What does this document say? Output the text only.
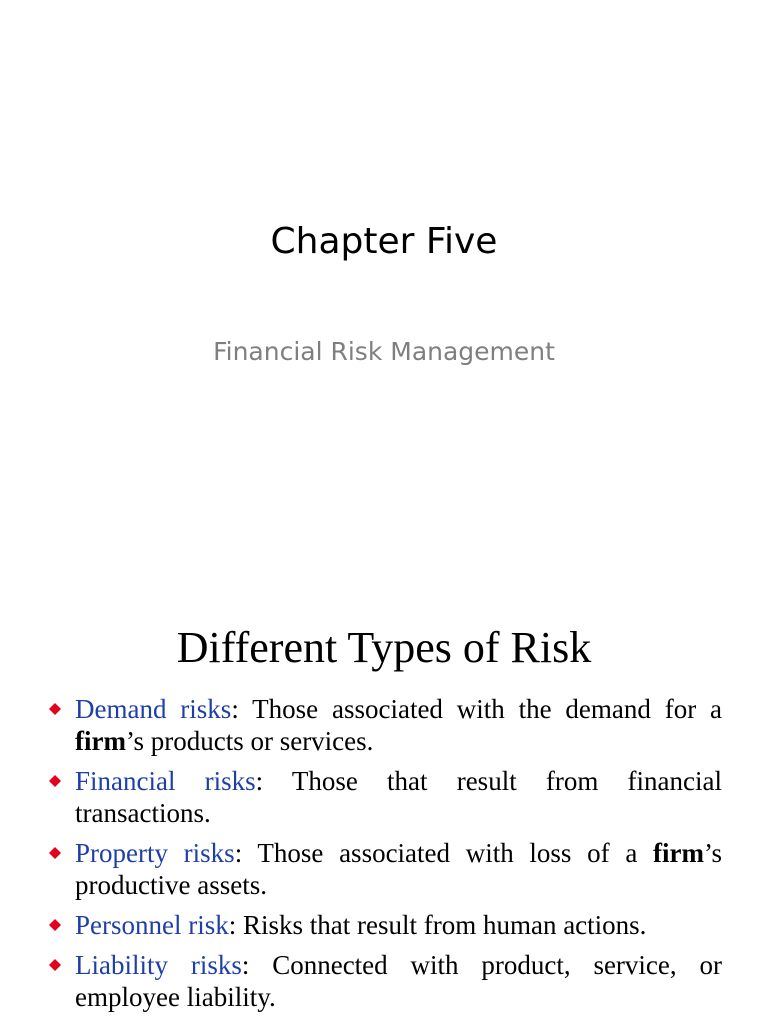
Chapter Five
Financial Risk Management
Different Types of Risk
Demand risks: Those associated with the demand for a firm’s products or services.
Financial risks: Those that result from financial transactions.
Property risks: Those associated with loss of a firm’s productive assets.
Personnel risk: Risks that result from human actions.
Liability risks: Connected with product, service, or employee liability.
